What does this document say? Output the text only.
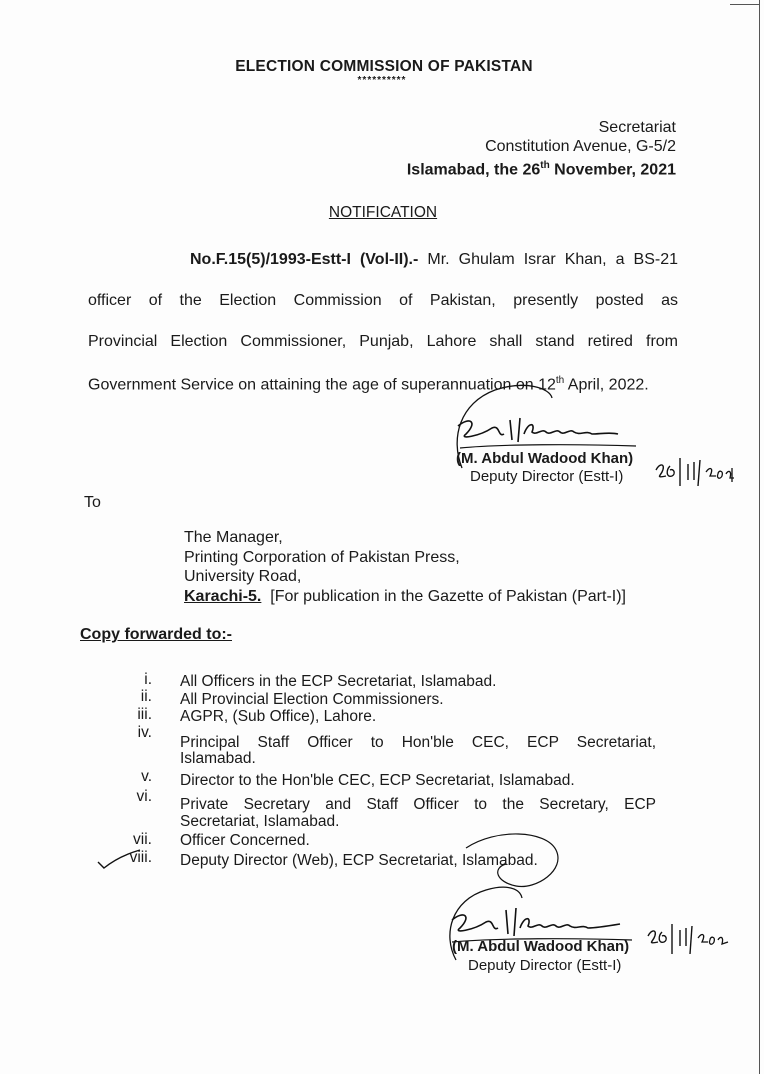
ELECTION COMMISSION OF PAKISTAN
**********
Secretariat
Constitution Avenue, G-5/2
Islamabad, the 26th November, 2021
NOTIFICATION
No.F.15(5)/1993-Estt-I (Vol-II).- Mr. Ghulam Israr Khan, a BS-21
officer of the Election Commission of Pakistan, presently posted as
Provincial Election Commissioner, Punjab, Lahore shall stand retired from
Government Service on attaining the age of superannuation on 12th April, 2022.
(M. Abdul Wadood Khan)
Deputy Director (Estt-I)
To
The Manager,
Printing Corporation of Pakistan Press,
University Road,
Karachi-5. [For publication in the Gazette of Pakistan (Part-I)]
Copy forwarded to:-
i. All Officers in the ECP Secretariat, Islamabad.
ii. All Provincial Election Commissioners.
iii. AGPR, (Sub Office), Lahore.
iv.
Principal Staff Officer to Hon'ble CEC, ECP Secretariat,
Islamabad.
v. Director to the Hon'ble CEC, ECP Secretariat, Islamabad.
vi. Private Secretary and Staff Officer to the Secretary, ECP
Secretariat, Islamabad.
vii. Officer Concerned.
viii. Deputy Director (Web), ECP Secretariat, Islamabad.
(M. Abdul Wadood Khan)
Deputy Director (Estt-I)
